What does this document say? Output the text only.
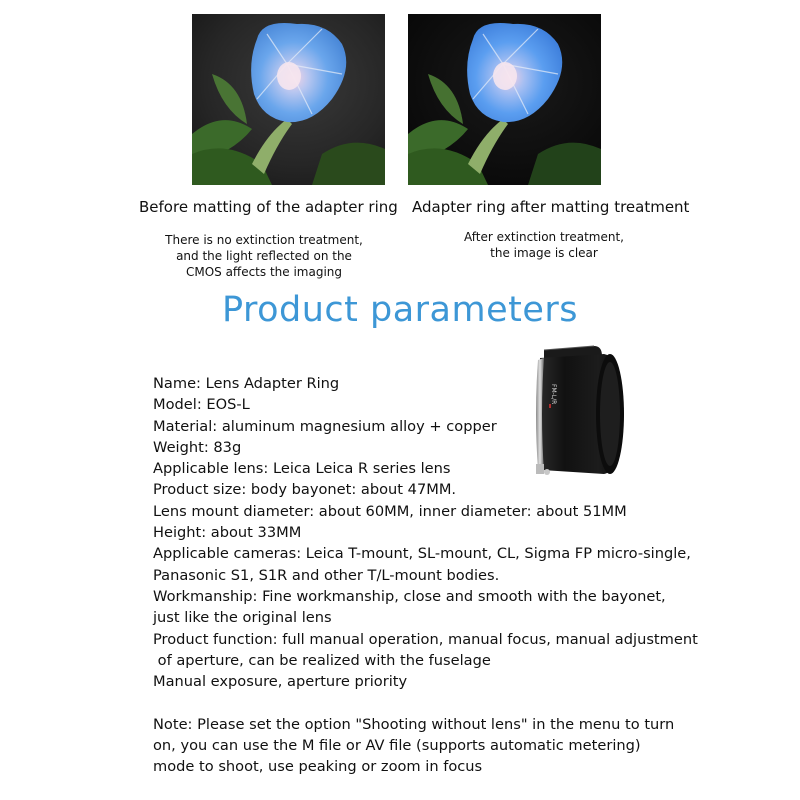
Before matting of the adapter ring Adapter ring after matting treatment
There is no extinction treatment,
and the light reflected on the
CMOS affects the imaging
After extinction treatment,
the image is clear
Product parameters
FM-L/R
Name: Lens Adapter Ring
Model: EOS-L
Material: aluminum magnesium alloy + copper
Weight: 83g
Applicable lens: Leica Leica R series lens
Product size: body bayonet: about 47MM.
Lens mount diameter: about 60MM, inner diameter: about 51MM
Height: about 33MM
Applicable cameras: Leica T-mount, SL-mount, CL, Sigma FP micro-single,
Panasonic S1, S1R and other T/L-mount bodies.
Workmanship: Fine workmanship, close and smooth with the bayonet,
just like the original lens
Product function: full manual operation, manual focus, manual adjustment
of aperture, can be realized with the fuselage
Manual exposure, aperture priority
Note: Please set the option "Shooting without lens" in the menu to turn
on, you can use the M file or AV file (supports automatic metering)
mode to shoot, use peaking or zoom in focus
